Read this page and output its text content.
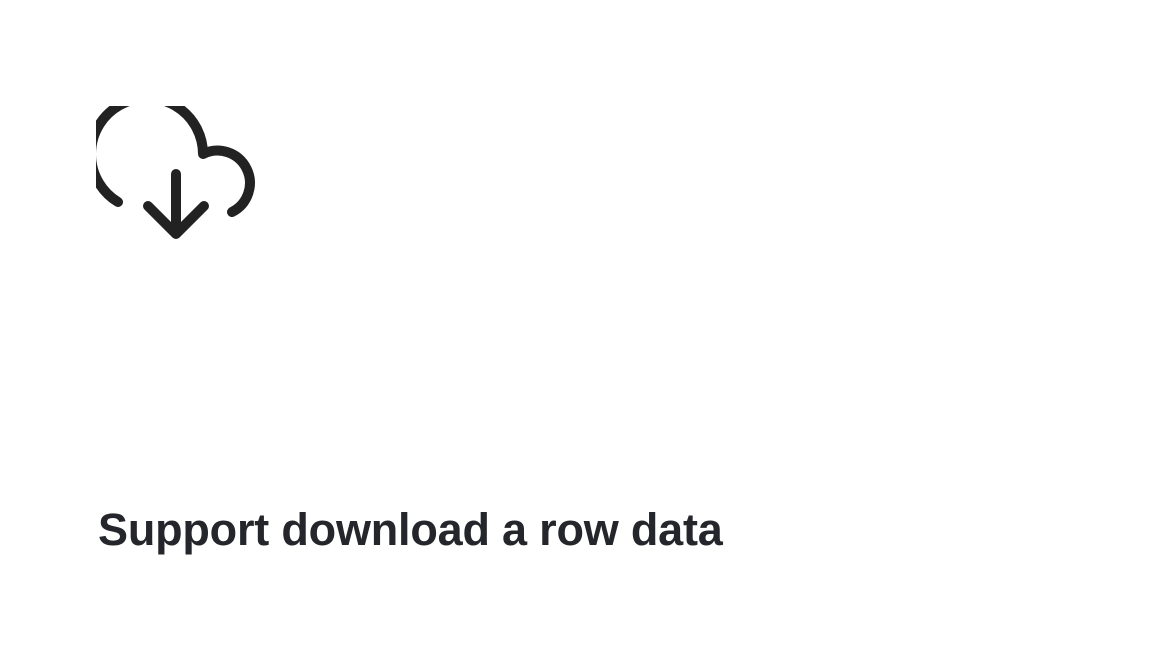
Support download a row data
